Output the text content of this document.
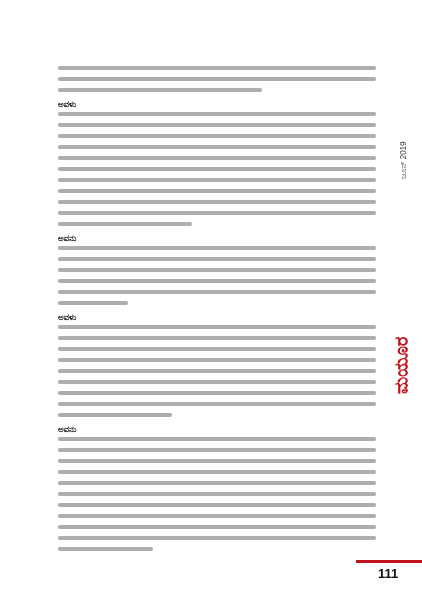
ಅವಳು
ಅವನು
ಅವಳು
ಅವನು
ಜೂನ್ 2019
ಮಯೂರ
111
